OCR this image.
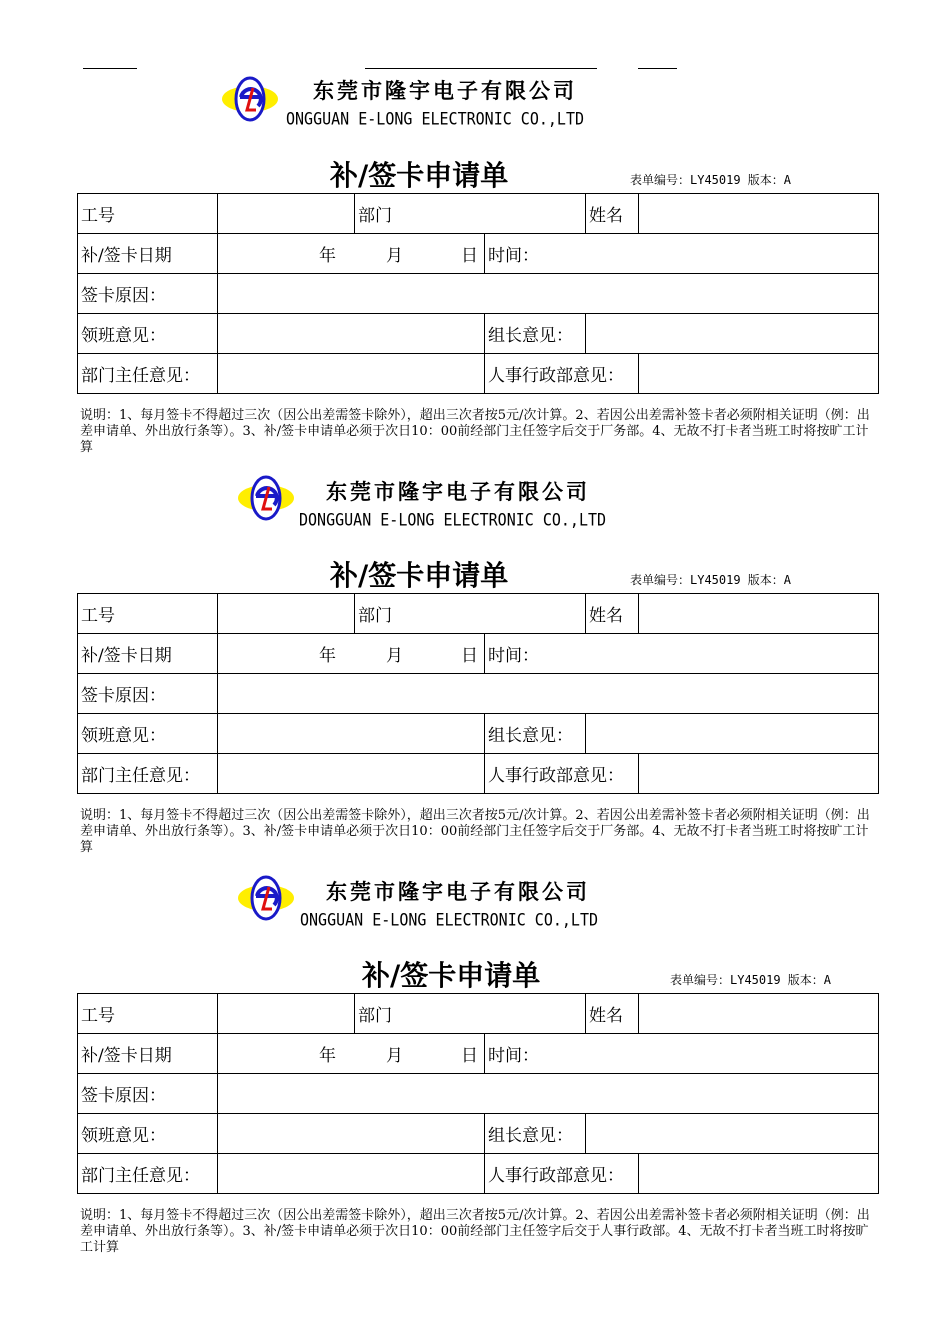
东莞市隆宇电子有限公司
ONGGUAN E-LONG ELECTRONIC CO.,LTD
补/签卡申请单	表单编号：LY45019 版本：A
工号		部门		姓名	
补/签卡日期	年 月 日		时间：		
签卡原因：					
领班意见：			组长意见：		
部门主任意见：			人事行政部意见：		
说明：1、每月签卡不得超过三次（因公出差需签卡除外），超出三次者按5元/次计算。2、若因公出差需补签卡者必须附相关证明（例：出差申请单、外出放行条等）。3、补/签卡申请单必须于次日10：00前经部门主任签字后交于厂务部。4、无故不打卡者当班工时将按旷工计算
东莞市隆宇电子有限公司
DONGGUAN E-LONG ELECTRONIC CO.,LTD
补/签卡申请单	表单编号：LY45019 版本：A
工号		部门		姓名	
补/签卡日期	年 月 日		时间：		
签卡原因：					
领班意见：			组长意见：		
部门主任意见：			人事行政部意见：		
说明：1、每月签卡不得超过三次（因公出差需签卡除外），超出三次者按5元/次计算。2、若因公出差需补签卡者必须附相关证明（例：出差申请单、外出放行条等）。3、补/签卡申请单必须于次日10：00前经部门主任签字后交于厂务部。4、无故不打卡者当班工时将按旷工计算
东莞市隆宇电子有限公司
ONGGUAN E-LONG ELECTRONIC CO.,LTD
补/签卡申请单	表单编号：LY45019 版本：A
工号		部门		姓名	
补/签卡日期	年 月 日		时间：		
签卡原因：					
领班意见：			组长意见：		
部门主任意见：			人事行政部意见：		
说明：1、每月签卡不得超过三次（因公出差需签卡除外），超出三次者按5元/次计算。2、若因公出差需补签卡者必须附相关证明（例：出差申请单、外出放行条等）。3、补/签卡申请单必须于次日10：00前经部门主任签字后交于人事行政部。4、无故不打卡者当班工时将按旷工计算
